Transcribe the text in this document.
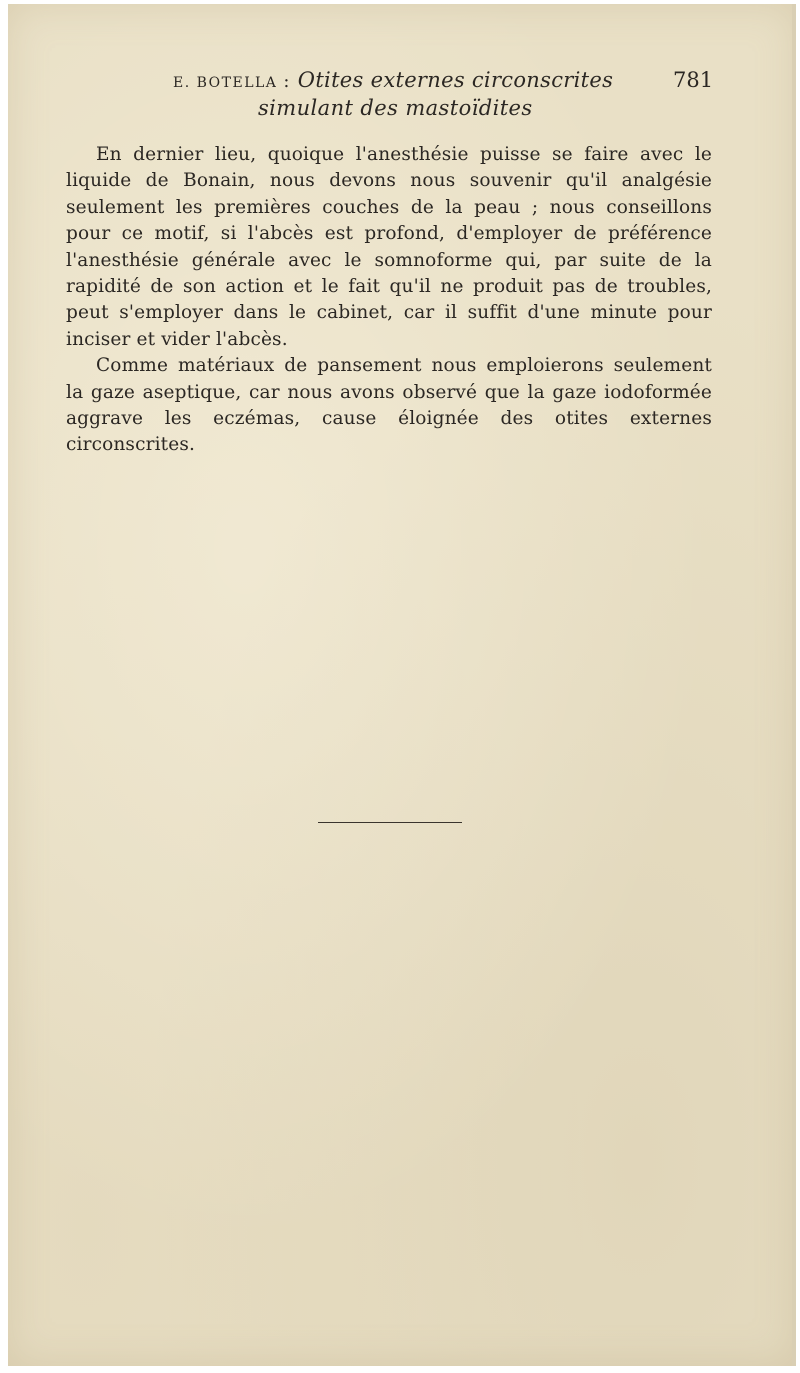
E. BOTELLA : Otites externes circonscrites
simulant des mastoïdites
781

En dernier lieu, quoique l'anesthésie puisse se faire avec le liquide de Bonain, nous devons nous souvenir qu'il analgésie seulement les premières couches de la peau ; nous conseillons pour ce motif, si l'abcès est profond, d'employer de préférence l'anesthésie générale avec le somnoforme qui, par suite de la rapidité de son action et le fait qu'il ne produit pas de troubles, peut s'employer dans le cabinet, car il suffit d'une minute pour inciser et vider l'abcès.

Comme matériaux de pansement nous emploierons seulement la gaze aseptique, car nous avons observé que la gaze iodoformée aggrave les eczémas, cause éloignée des otites externes circonscrites.
